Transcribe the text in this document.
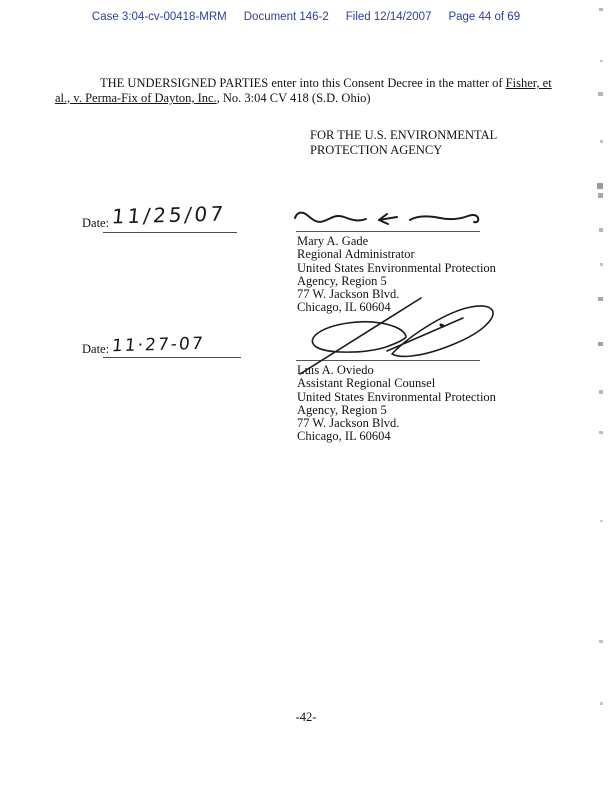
Case 3:04-cv-00418-MRM Document 146-2 Filed 12/14/2007 Page 44 of 69
THE UNDERSIGNED PARTIES enter into this Consent Decree in the matter of Fisher, et
al., v. Perma-Fix of Dayton, Inc., No. 3:04 CV 418 (S.D. Ohio)
FOR THE U.S. ENVIRONMENTAL
PROTECTION AGENCY
Date: 11/25/07
Mary A. Gade
Regional Administrator
United States Environmental Protection
Agency, Region 5
77 W. Jackson Blvd.
Chicago, IL 60604
Date: 11·27-07
Luis A. Oviedo
Assistant Regional Counsel
United States Environmental Protection
Agency, Region 5
77 W. Jackson Blvd.
Chicago, IL 60604
-42-
